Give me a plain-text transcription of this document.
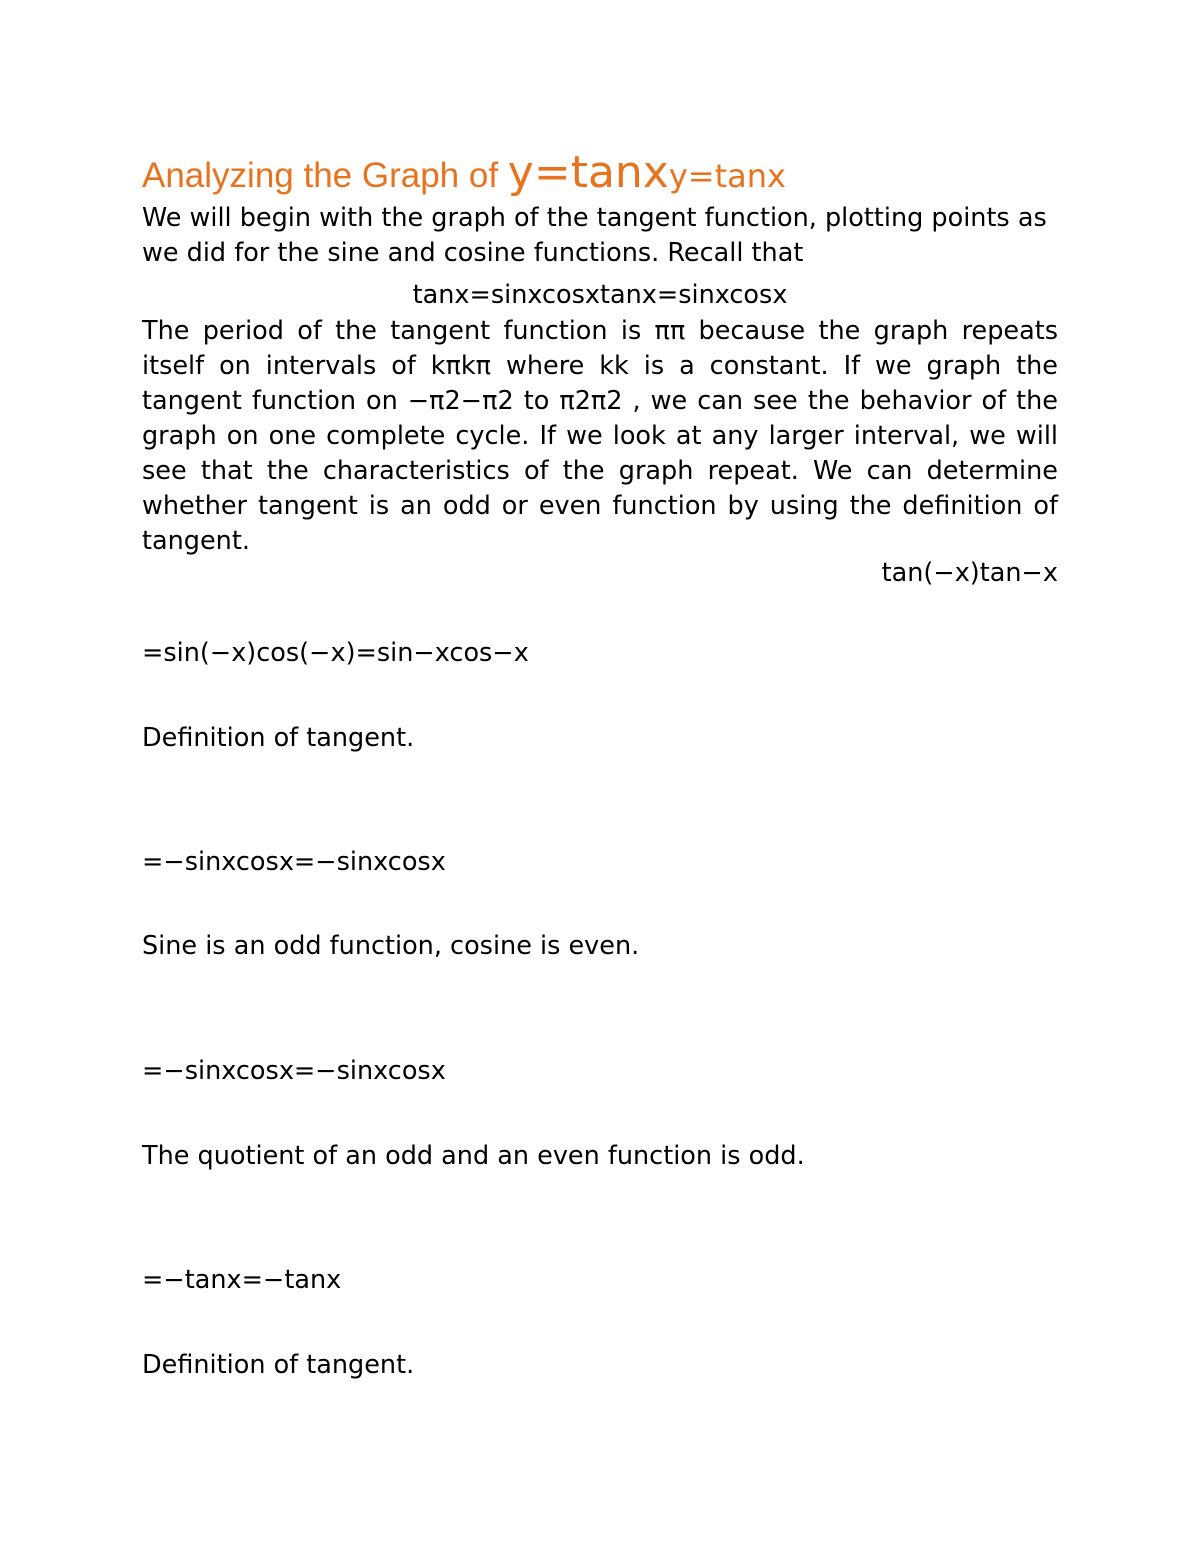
Analyzing the Graph of y=tanxy=tanx

We will begin with the graph of the tangent function, plotting points as we did for the sine and cosine functions. Recall that

tanx=sinxcosxtanx=sinxcosx

The period of the tangent function is ππ because the graph repeats itself on intervals of kπkπ where kk is a constant. If we graph the tangent function on −π2−π2 to π2π2 , we can see the behavior of the graph on one complete cycle. If we look at any larger interval, we will see that the characteristics of the graph repeat. We can determine whether tangent is an odd or even function by using the definition of tangent.

tan(−x)tan−x
=sin(−x)cos(−x)=sin−xcos−x
Definition of tangent.
=−sinxcosx=−sinxcosx
Sine is an odd function, cosine is even.
=−sinxcosx=−sinxcosx
The quotient of an odd and an even function is odd.
=−tanx=−tanx
Definition of tangent.
